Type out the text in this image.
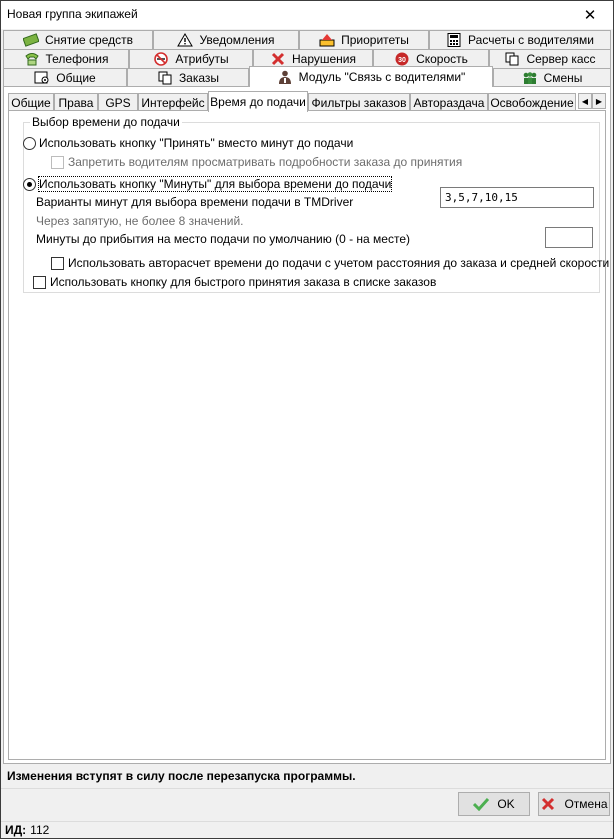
Новая группа экипажей	✕
Снятие средств	Уведомления	Приоритеты	Расчеты с водителями
Телефония	Атрибуты	Нарушения	30 Скорость	Сервер касс
Общие	Заказы	Модуль "Связь с водителями"	Смены
Общие Права GPS Интерфейс Время до подачи Фильтры заказов Автораздача Освобождение	◀ ▶
Выбор времени до подачи
Использовать кнопку "Принять" вместо минут до подачи
Запретить водителям просматривать подробности заказа до принятия
Использовать кнопку "Минуты" для выбора времени до подачи
Варианты минут для выбора времени подачи в TMDriver	3,5,7,10,15
Через запятую, не более 8 значений.
Минуты до прибытия на место подачи по умолчанию (0 - на месте)
Использовать авторасчет времени до подачи с учетом расстояния до заказа и средней скорости
Использовать кнопку для быстрого принятия заказа в списке заказов
Изменения вступят в силу после перезапуска программы.
OK	Отмена
ИД: 112
